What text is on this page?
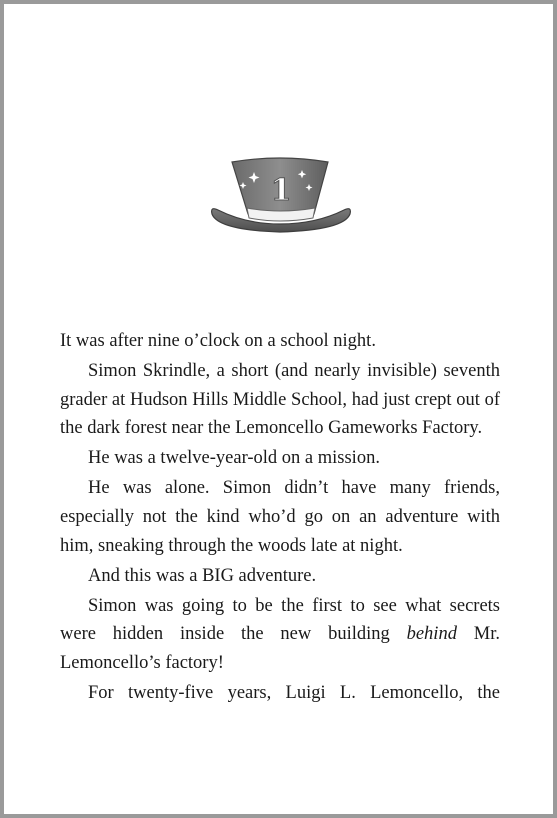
1

It was after nine o’clock on a school night.

Simon Skrindle, a short (and nearly invisible) seventh grader at Hudson Hills Middle School, had just crept out of the dark forest near the Lemoncello Gameworks Factory.

He was a twelve-year-old on a mission.

He was alone. Simon didn’t have many friends, especially not the kind who’d go on an adventure with him, sneaking through the woods late at night.

And this was a BIG adventure.

Simon was going to be the first to see what secrets were hidden inside the new building behind Mr. Lemoncello’s factory!

For twenty-five years, Luigi L. Lemoncello, the
